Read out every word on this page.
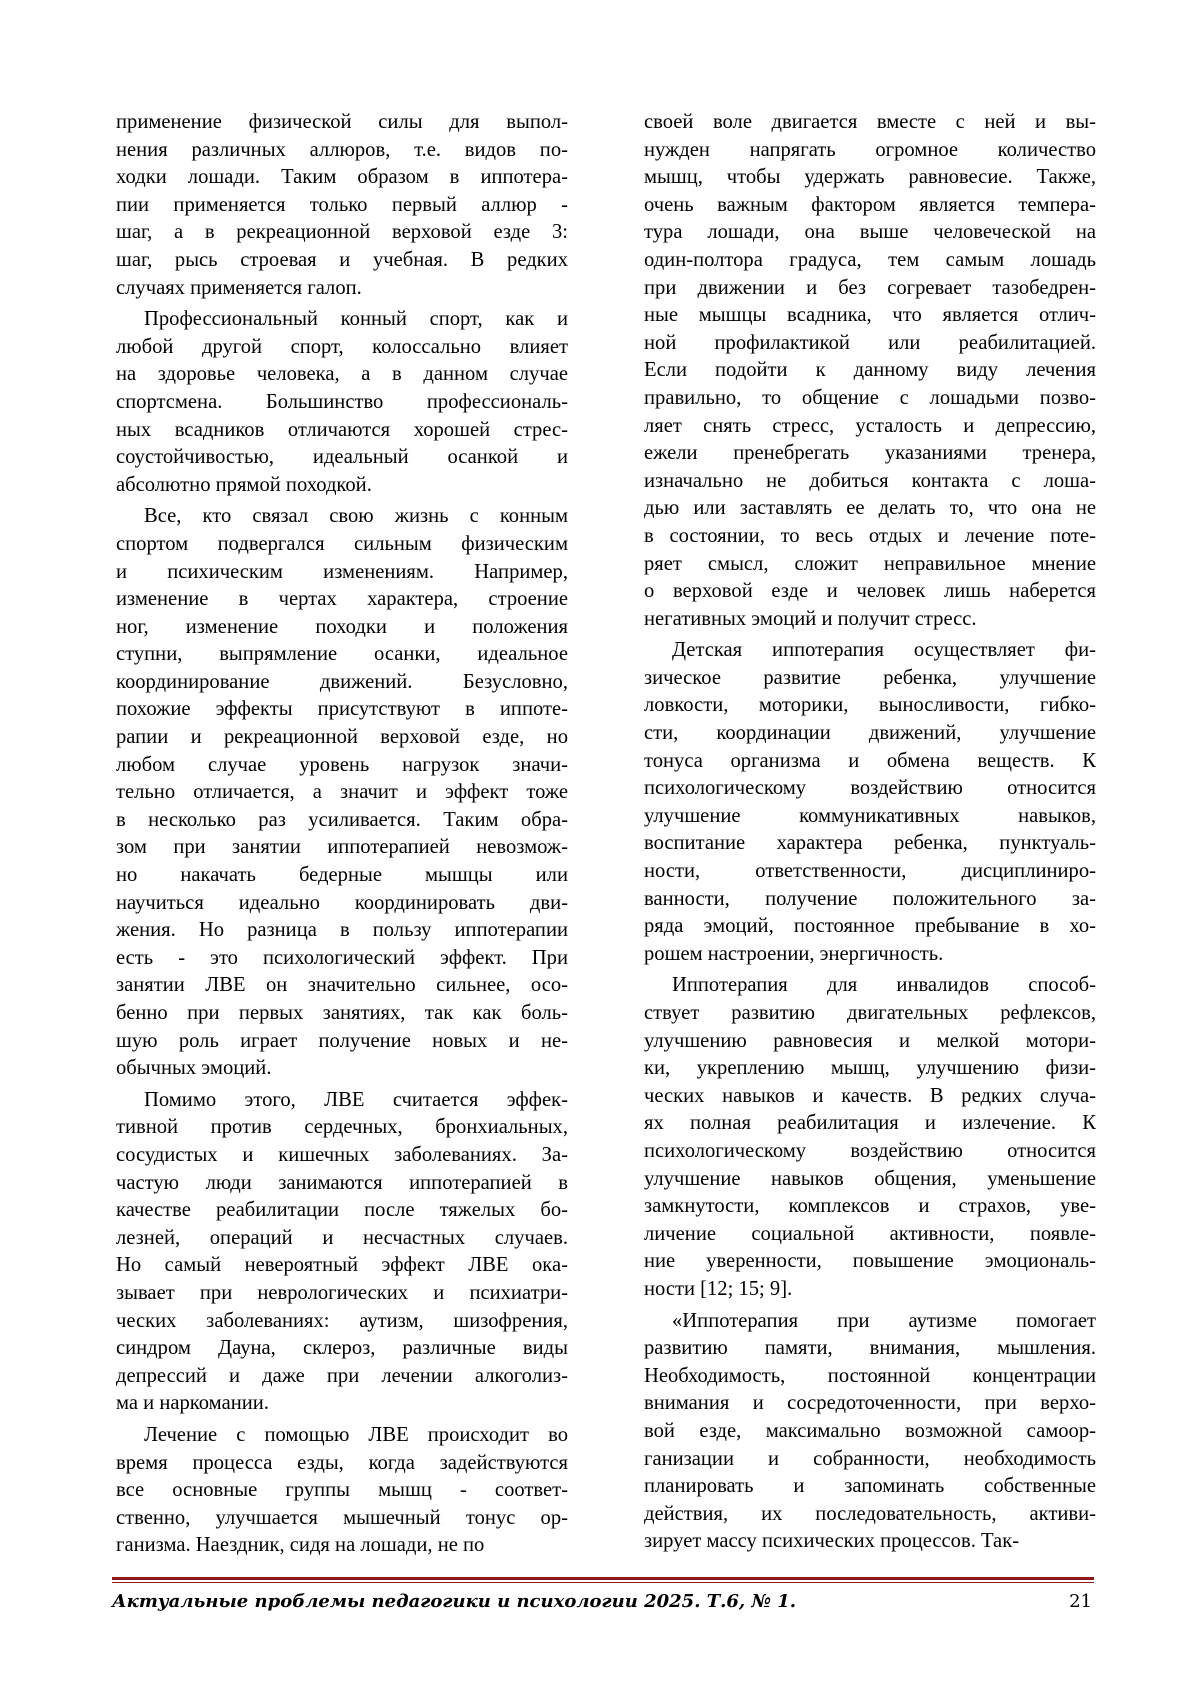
применение физической силы для выпол-
нения различных аллюров, т.е. видов по-
ходки лошади. Таким образом в иппотера-
пии применяется только первый аллюр -
шаг, а в рекреационной верховой езде 3:
шаг, рысь строевая и учебная. В редких
случаях применяется галоп.
Профессиональный конный спорт, как и
любой другой спорт, колоссально влияет
на здоровье человека, а в данном случае
спортсмена. Большинство профессиональ-
ных всадников отличаются хорошей стрес-
соустойчивостью, идеальный осанкой и
абсолютно прямой походкой.
Все, кто связал свою жизнь с конным
спортом подвергался сильным физическим
и психическим изменениям. Например,
изменение в чертах характера, строение
ног, изменение походки и положения
ступни, выпрямление осанки, идеальное
координирование движений. Безусловно,
похожие эффекты присутствуют в иппоте-
рапии и рекреационной верховой езде, но
любом случае уровень нагрузок значи-
тельно отличается, а значит и эффект тоже
в несколько раз усиливается. Таким обра-
зом при занятии иппотерапией невозмож-
но накачать бедерные мышцы или
научиться идеально координировать дви-
жения. Но разница в пользу иппотерапии
есть - это психологический эффект. При
занятии ЛВЕ он значительно сильнее, осо-
бенно при первых занятиях, так как боль-
шую роль играет получение новых и не-
обычных эмоций.
Помимо этого, ЛВЕ считается эффек-
тивной против сердечных, бронхиальных,
сосудистых и кишечных заболеваниях. За-
частую люди занимаются иппотерапией в
качестве реабилитации после тяжелых бо-
лезней, операций и несчастных случаев.
Но самый невероятный эффект ЛВЕ ока-
зывает при неврологических и психиатри-
ческих заболеваниях: аутизм, шизофрения,
синдром Дауна, склероз, различные виды
депрессий и даже при лечении алкоголиз-
ма и наркомании.
Лечение с помощью ЛВЕ происходит во
время процесса езды, когда задействуются
все основные группы мышц - соответ-
ственно, улучшается мышечный тонус ор-
ганизма. Наездник, сидя на лошади, не по
своей воле двигается вместе с ней и вы-
нужден напрягать огромное количество
мышц, чтобы удержать равновесие. Также,
очень важным фактором является темпера-
тура лошади, она выше человеческой на
один-полтора градуса, тем самым лошадь
при движении и без согревает тазобедрен-
ные мышцы всадника, что является отлич-
ной профилактикой или реабилитацией.
Если подойти к данному виду лечения
правильно, то общение с лошадьми позво-
ляет снять стресс, усталость и депрессию,
ежели пренебрегать указаниями тренера,
изначально не добиться контакта с лоша-
дью или заставлять ее делать то, что она не
в состоянии, то весь отдых и лечение поте-
ряет смысл, сложит неправильное мнение
о верховой езде и человек лишь наберется
негативных эмоций и получит стресс.
Детская иппотерапия осуществляет фи-
зическое развитие ребенка, улучшение
ловкости, моторики, выносливости, гибко-
сти, координации движений, улучшение
тонуса организма и обмена веществ. К
психологическому воздействию относится
улучшение коммуникативных навыков,
воспитание характера ребенка, пунктуаль-
ности, ответственности, дисциплиниро-
ванности, получение положительного за-
ряда эмоций, постоянное пребывание в хо-
рошем настроении, энергичность.
Иппотерапия для инвалидов способ-
ствует развитию двигательных рефлексов,
улучшению равновесия и мелкой мотори-
ки, укреплению мышц, улучшению физи-
ческих навыков и качеств. В редких случа-
ях полная реабилитация и излечение. К
психологическому воздействию относится
улучшение навыков общения, уменьшение
замкнутости, комплексов и страхов, уве-
личение социальной активности, появле-
ние уверенности, повышение эмоциональ-
ности [12; 15; 9].
«Иппотерапия при аутизме помогает
развитию памяти, внимания, мышления.
Необходимость, постоянной концентрации
внимания и сосредоточенности, при верхо-
вой езде, максимально возможной самоор-
ганизации и собранности, необходимость
планировать и запоминать собственные
действия, их последовательность, активи-
зирует массу психических процессов. Так-
Актуальные проблемы педагогики и психологии 2025. Т.6, № 1.	21
